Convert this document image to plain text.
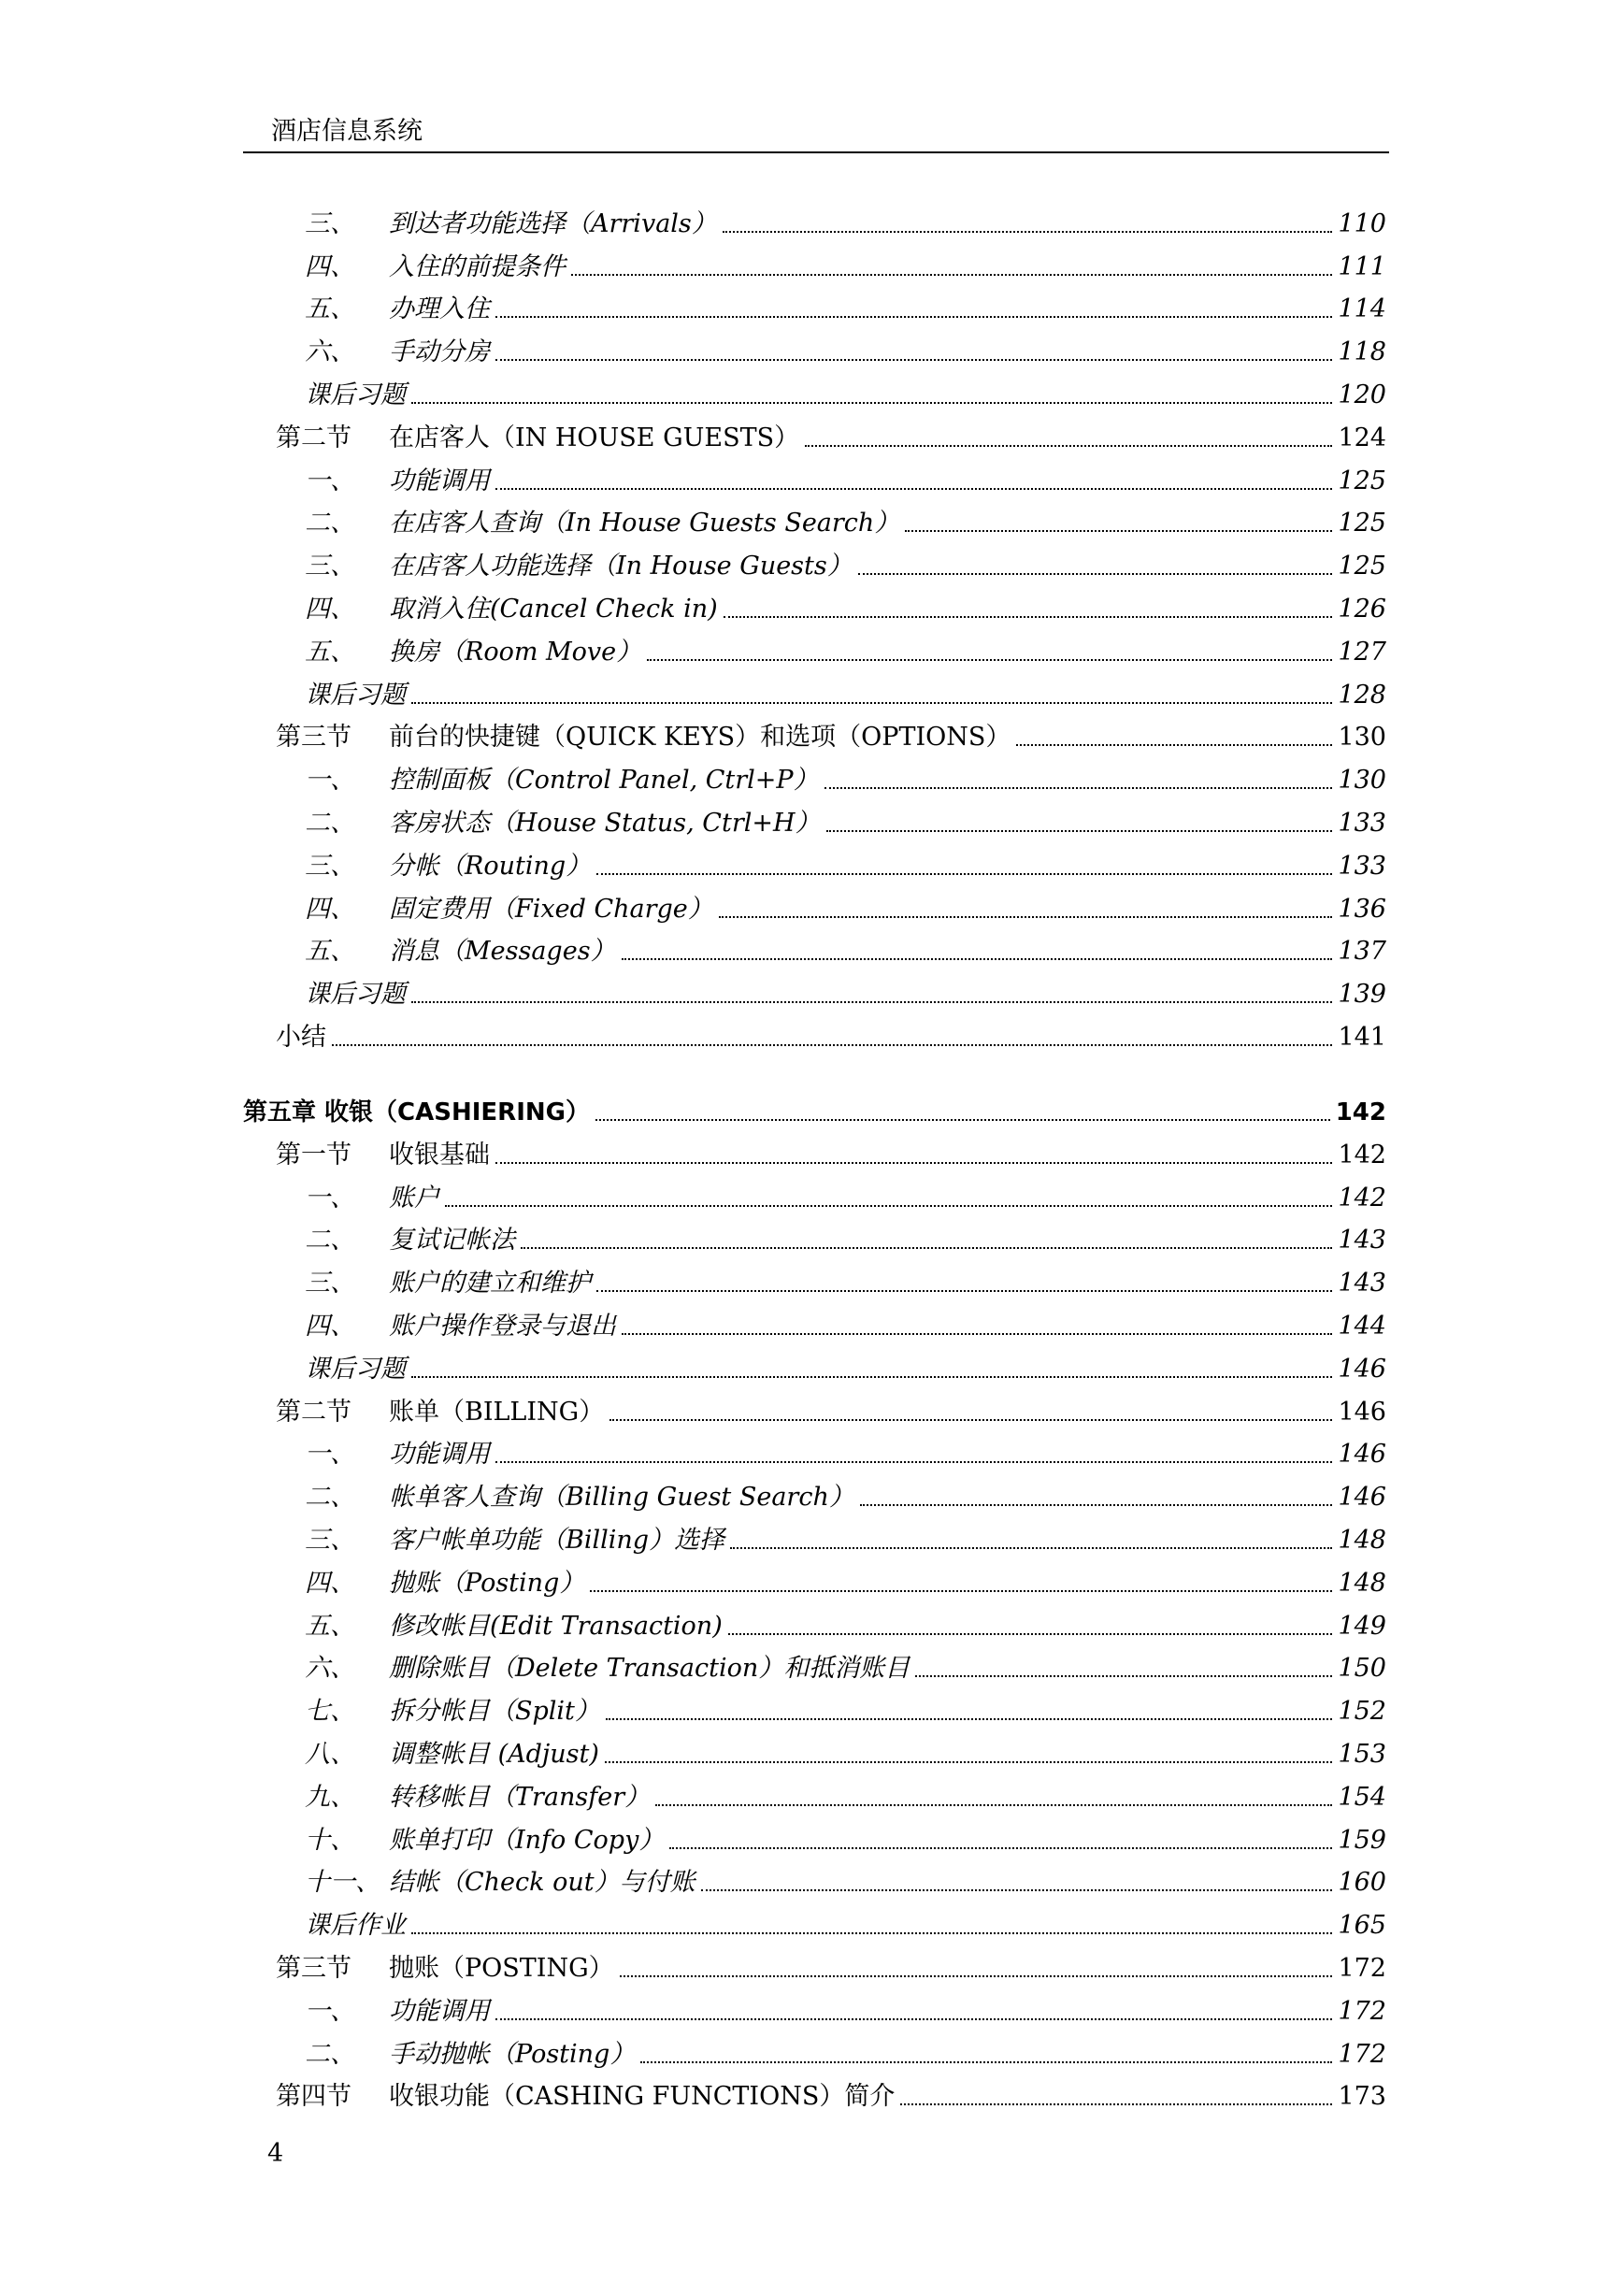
酒店信息系统
三、	到达者功能选择（Arrivals）	110
四、	入住的前提条件	111
五、	办理入住	114
六、	手动分房	118
课后习题	120
第二节	在店客人（IN HOUSE GUESTS）	124
一、	功能调用	125
二、	在店客人查询（In House Guests Search）	125
三、	在店客人功能选择（In House Guests）	125
四、	取消入住(Cancel Check in)	126
五、	换房（Room Move）	127
课后习题	128
第三节	前台的快捷键（QUICK KEYS）和选项（OPTIONS）	130
一、	控制面板（Control Panel, Ctrl+P）	130
二、	客房状态（House Status, Ctrl+H）	133
三、	分帐（Routing）	133
四、	固定费用（Fixed Charge）	136
五、	消息（Messages）	137
课后习题	139
小结	141
第五章 收银（CASHIERING）	142
第一节	收银基础	142
一、	账户	142
二、	复试记帐法	143
三、	账户的建立和维护	143
四、	账户操作登录与退出	144
课后习题	146
第二节	账单（BILLING）	146
一、	功能调用	146
二、	帐单客人查询（Billing Guest Search）	146
三、	客户帐单功能（Billing）选择	148
四、	抛账（Posting）	148
五、	修改帐目(Edit Transaction)	149
六、	删除账目（Delete Transaction）和抵消账目	150
七、	拆分帐目（Split）	152
八、	调整帐目 (Adjust)	153
九、	转移帐目（Transfer）	154
十、	账单打印（Info Copy）	159
十一、 结帐（Check out）与付账	160
课后作业	165
第三节	抛账（POSTING）	172
一、	功能调用	172
二、	手动抛帐（Posting）	172
第四节	收银功能（CASHING FUNCTIONS）简介	173
4
